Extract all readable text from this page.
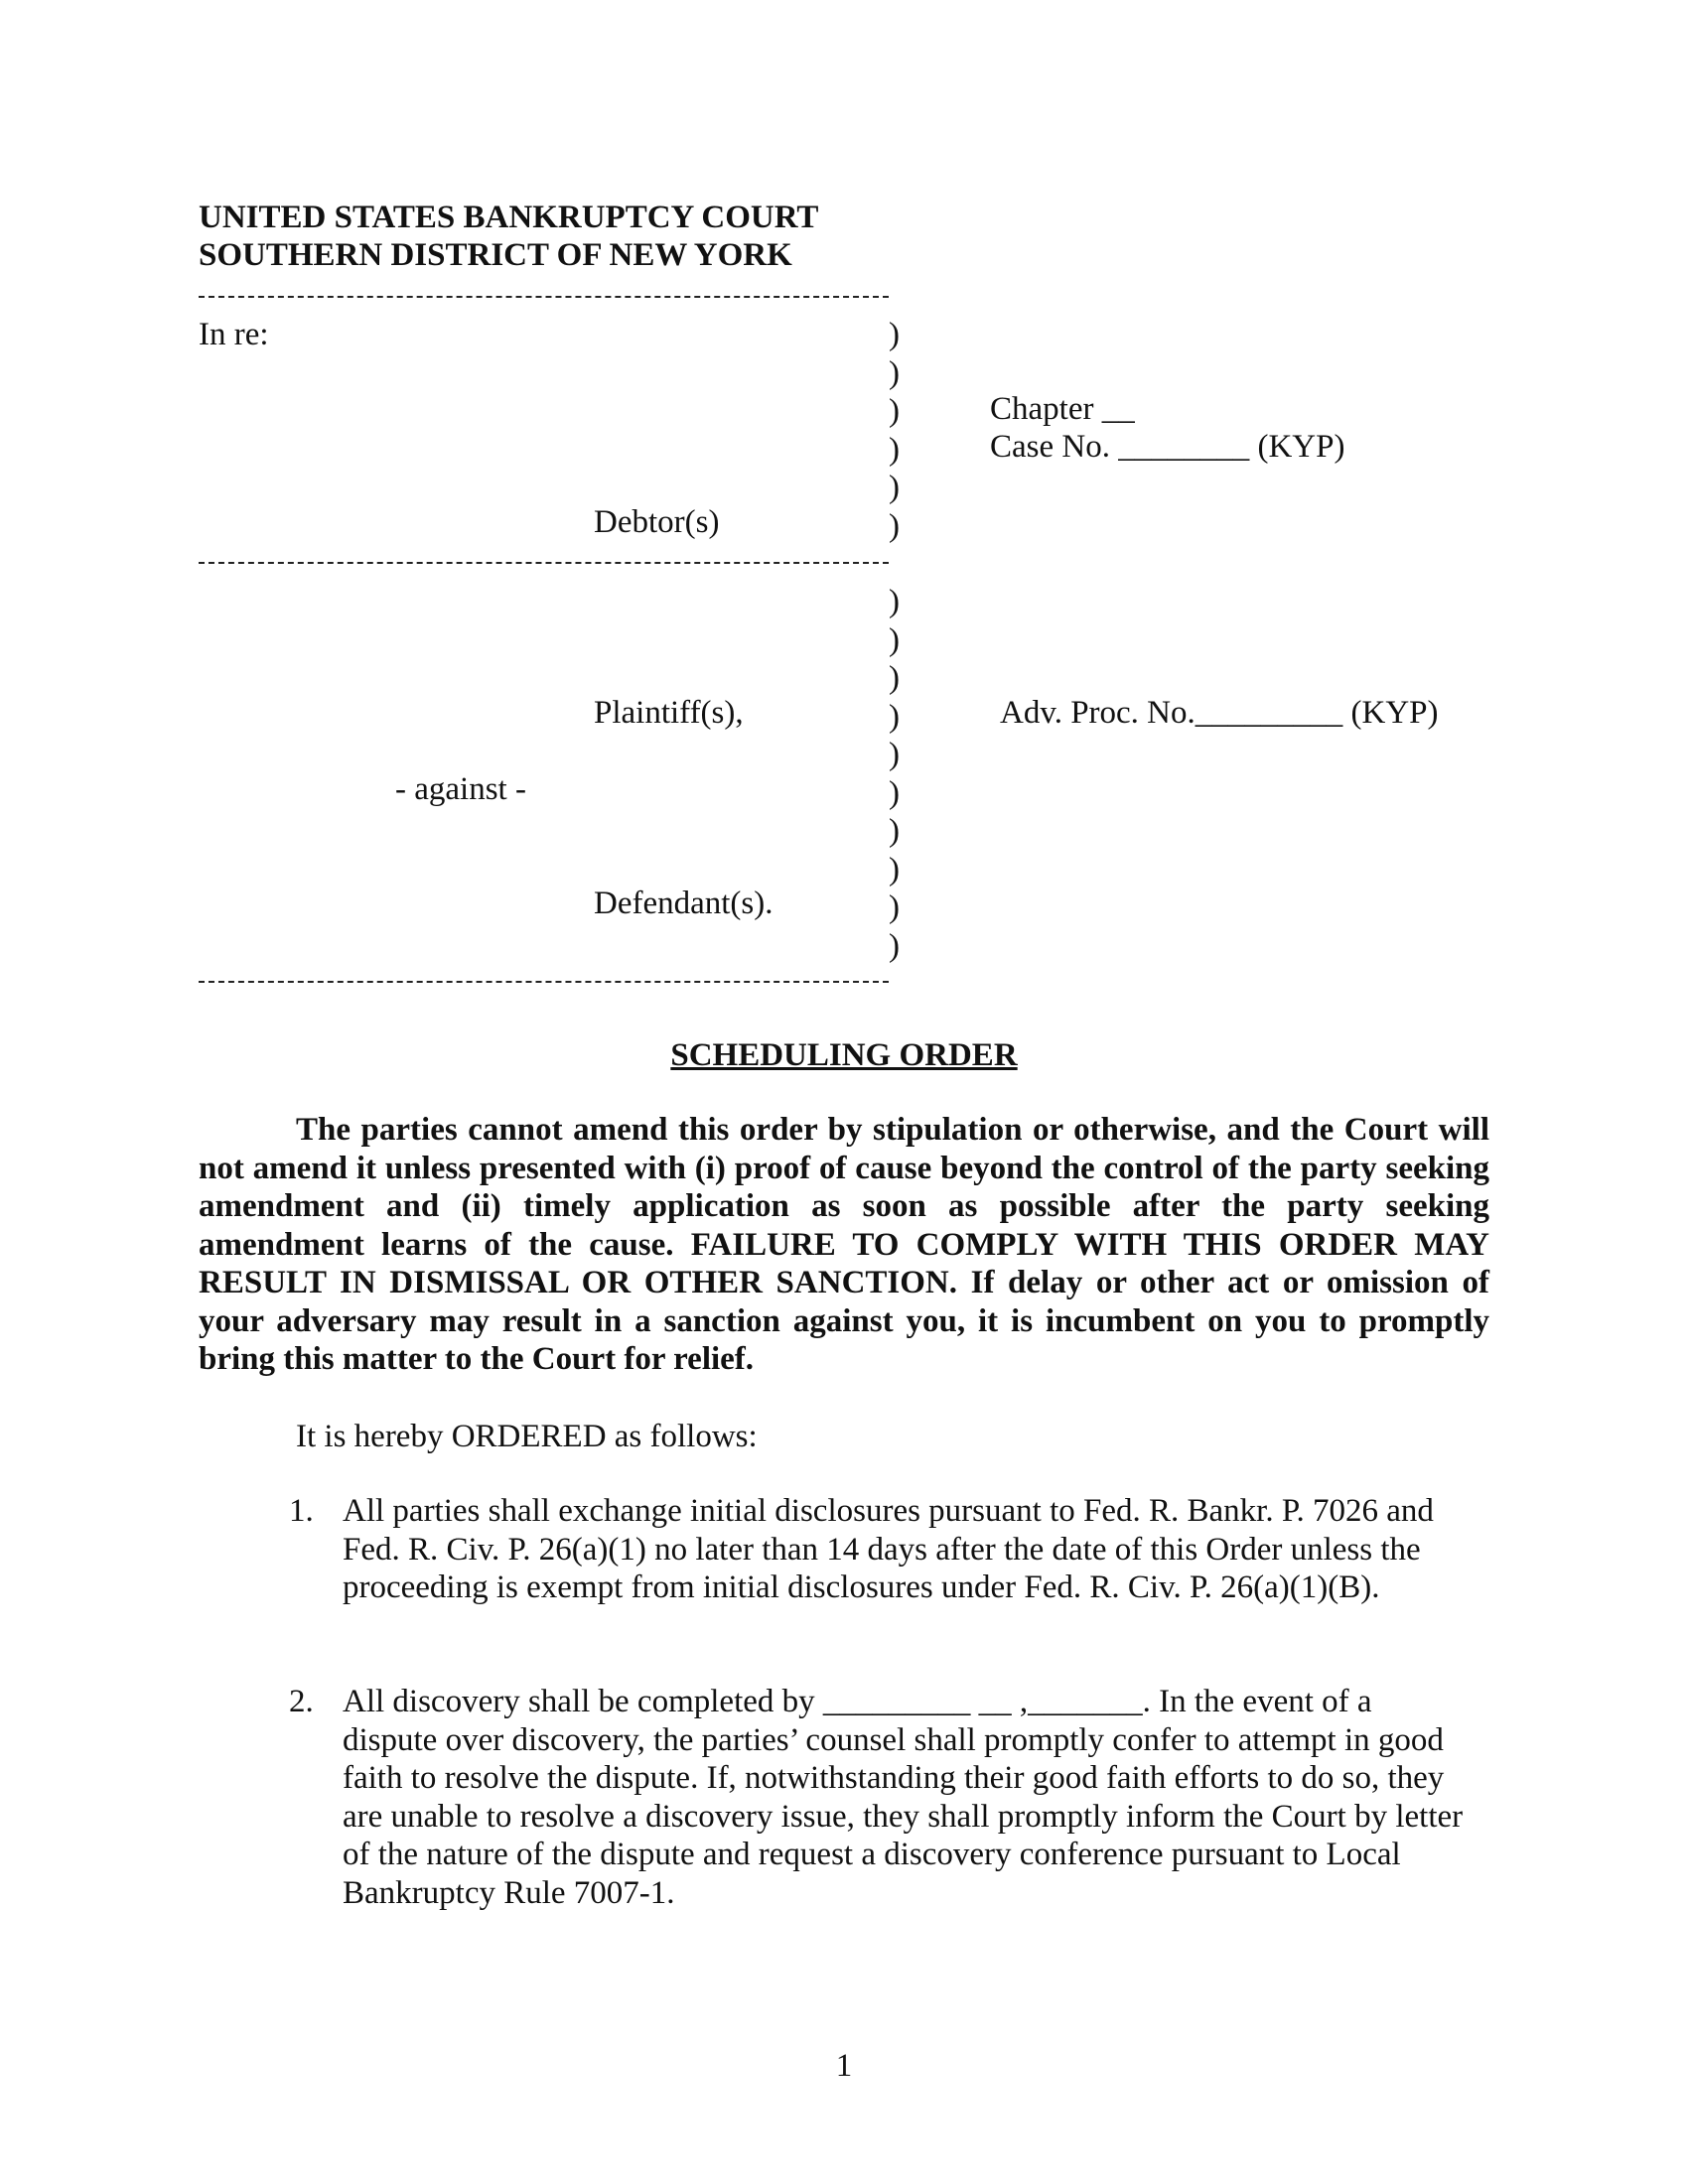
UNITED STATES BANKRUPTCY COURT
SOUTHERN DISTRICT OF NEW YORK
In re:
Debtor(s)
)
)
)
)
)
)
Chapter __
Case No. ________ (KYP)
)
)
)
)
)
)
)
)
)
)
Plaintiff(s),	Adv. Proc. No._________ (KYP)
- against -
Defendant(s).
SCHEDULING ORDER
The parties cannot amend this order by stipulation or otherwise, and the Court will not amend it unless presented with (i) proof of cause beyond the control of the party seeking amendment and (ii) timely application as soon as possible after the party seeking amendment learns of the cause. FAILURE TO COMPLY WITH THIS ORDER MAY RESULT IN DISMISSAL OR OTHER SANCTION. If delay or other act or omission of your adversary may result in a sanction against you, it is incumbent on you to promptly bring this matter to the Court for relief.
It is hereby ORDERED as follows:
1. All parties shall exchange initial disclosures pursuant to Fed. R. Bankr. P. 7026 and Fed. R. Civ. P. 26(a)(1) no later than 14 days after the date of this Order unless the proceeding is exempt from initial disclosures under Fed. R. Civ. P. 26(a)(1)(B).
2. All discovery shall be completed by _________ __ ,_______. In the event of a dispute over discovery, the parties’ counsel shall promptly confer to attempt in good faith to resolve the dispute. If, notwithstanding their good faith efforts to do so, they are unable to resolve a discovery issue, they shall promptly inform the Court by letter of the nature of the dispute and request a discovery conference pursuant to Local Bankruptcy Rule 7007-1.
1
